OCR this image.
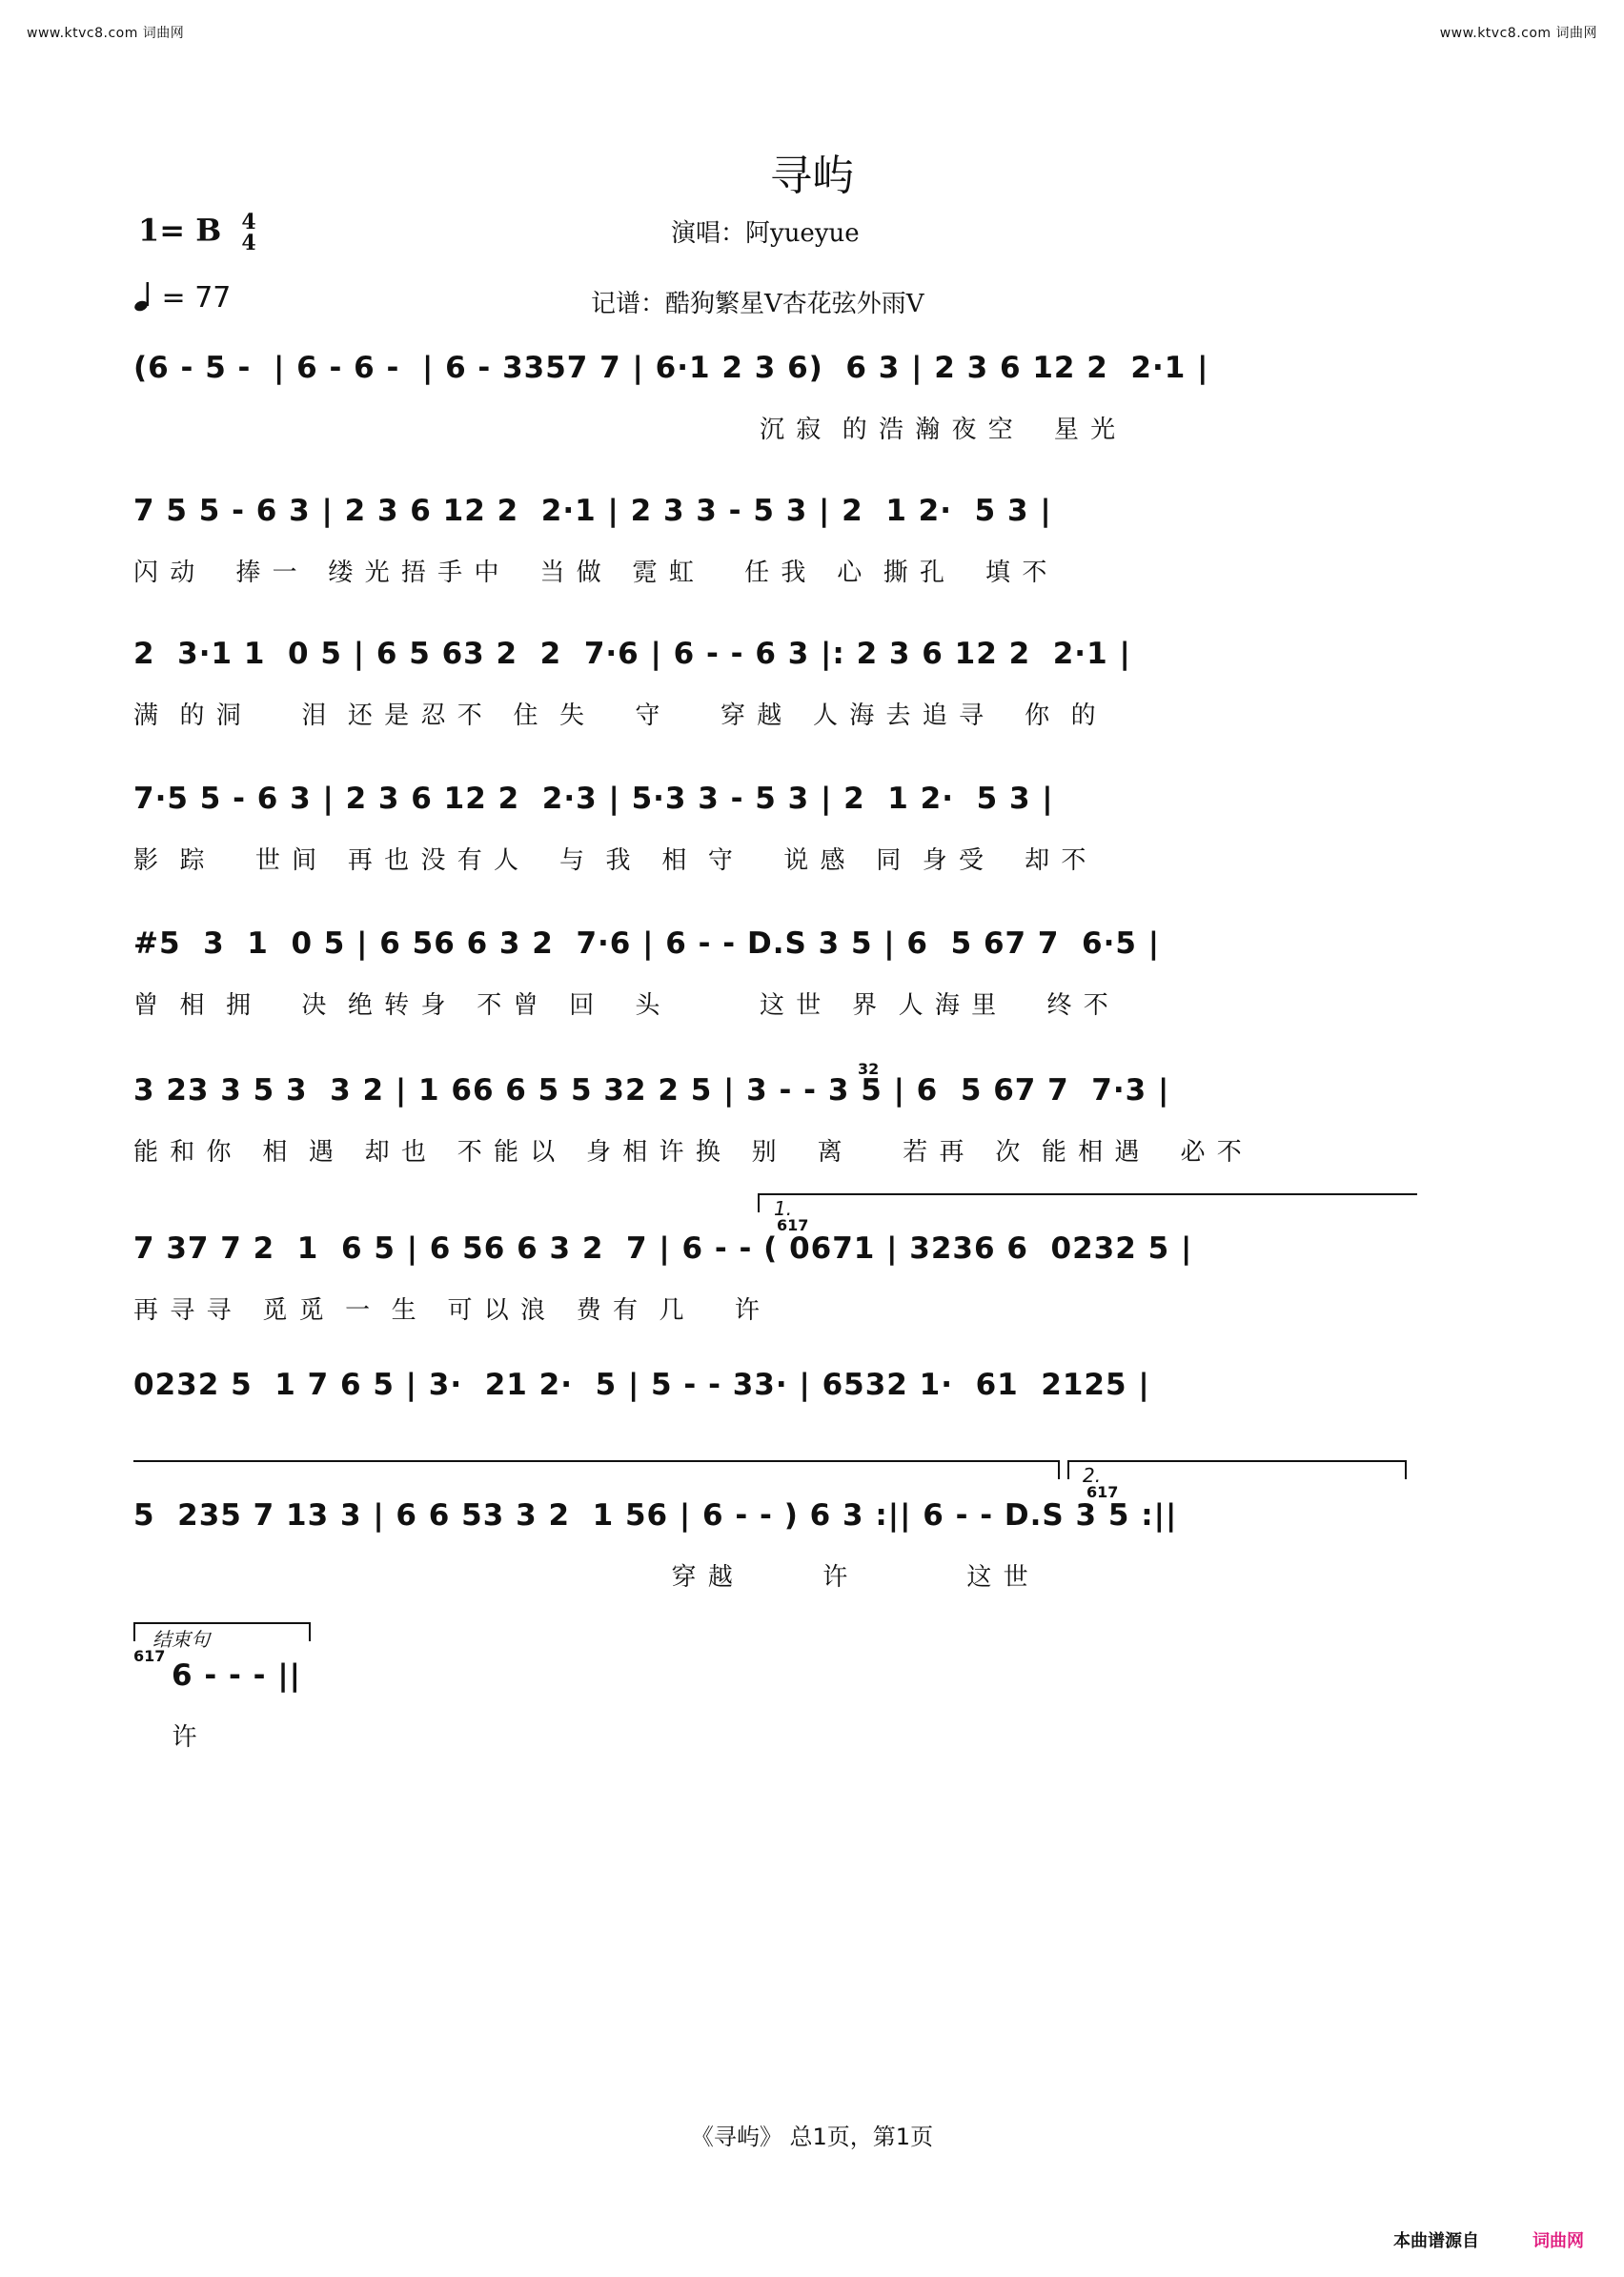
www.ktvc8.com 词曲网	www.ktvc8.com 词曲网
寻屿
1= B 4
4	演唱：阿yueyue
= 77	记谱：酷狗繁星V杏花弦外雨V
(6 - 5 -  | 6 - 6 -  | 6 - 3357 7 | 6·1 2 3 6)  6 3 | 2 3 6 12 2  2·1 |
沉 寂  的 浩 瀚 夜 空    星 光
7 5 5 - 6 3 | 2 3 6 12 2  2·1 | 2 3 3 - 5 3 | 2  1 2·  5 3 |
闪 动    捧 一   缕 光 捂 手 中    当 做   霓 虹     任 我   心  撕 孔    填 不
2  3·1 1  0 5 | 6 5 63 2  2  7·6 | 6 - - 6 3 |: 2 3 6 12 2  2·1 |
满  的 洞      泪  还 是 忍 不   住  失     守      穿 越   人 海 去 追 寻    你  的
7·5 5 - 6 3 | 2 3 6 12 2  2·3 | 5·3 3 - 5 3 | 2  1 2·  5 3 |
影  踪     世 间   再 也 没 有 人    与  我   相  守     说 感   同  身 受    却 不
#5  3  1  0 5 | 6 56 6 3 2  7·6 | 6 - - D.S 3 5 | 6  5 67 7  6·5 |
曾  相  拥     决  绝 转 身   不 曾   回    头          这 世   界  人 海 里     终 不
32
3 23 3 5 3  3 2 | 1 66 6 5 5 32 2 5 | 3 - - 3 5 | 6  5 67 7  7·3 |
能 和 你   相  遇   却 也   不 能 以   身 相 许 换   别    离      若 再   次  能 相 遇    必 不
1.
617
7 37 7 2  1  6 5 | 6 56 6 3 2  7 | 6 - - ( 0671 | 3236 6  0232 5 |
再 寻 寻   觅 觅  一  生   可 以 浪   费 有  几     许
0232 5  1 7 6 5 | 3·  21 2·  5 | 5 - - 33· | 6532 1·  61  2125 |
2.
617
5  235 7 13 3 | 6 6 53 3 2  1 56 | 6 - - ) 6 3 :|| 6 - - D.S 3 5 :||
穿 越         许            这 世
结束句
617
6 - - - ||
许
《寻屿》 总1页，第1页
本曲谱源自	词曲网
